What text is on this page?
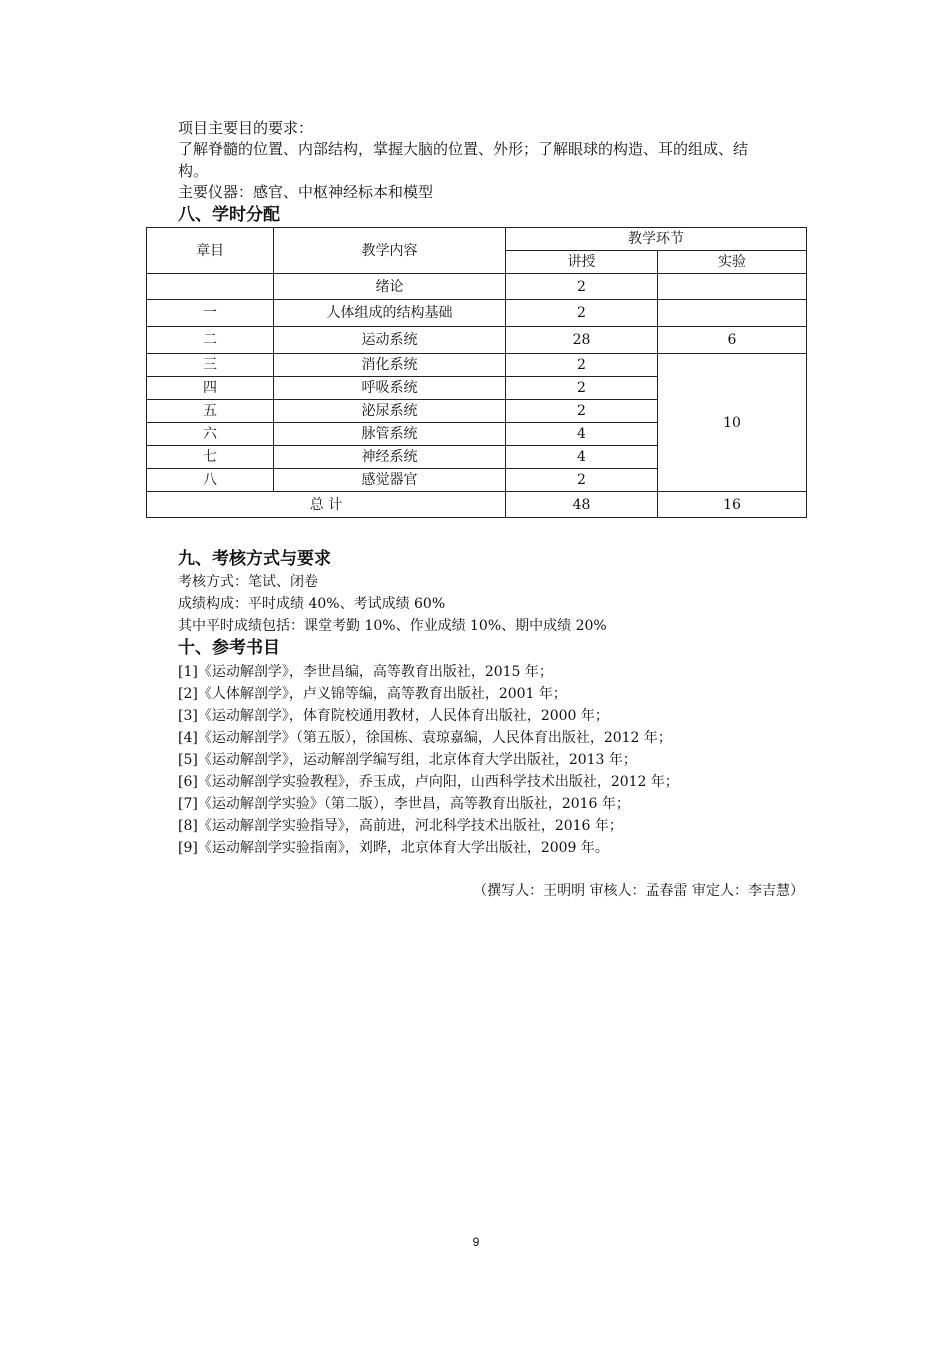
项目主要目的要求：
了解脊髓的位置、内部结构，掌握大脑的位置、外形；了解眼球的构造、耳的组成、结
构。
主要仪器：感官、中枢神经标本和模型
八、学时分配
章目	教学内容	教学环节	
		讲授	实验
	绪论	2	
一	人体组成的结构基础	2	
二	运动系统	28	6
三	消化系统	2	10
四	呼吸系统	2	
五	泌尿系统	2	
六	脉管系统	4	
七	神经系统	4	
八	感觉器官	2	
总 计		48	16
九、考核方式与要求
考核方式：笔试、闭卷
成绩构成：平时成绩 40%、考试成绩 60%
其中平时成绩包括：课堂考勤 10%、作业成绩 10%、期中成绩 20%
十、参考书目
[1]《运动解剖学》，李世昌编，高等教育出版社，2015 年；
[2]《人体解剖学》，卢义锦等编，高等教育出版社，2001 年；
[3]《运动解剖学》，体育院校通用教材，人民体育出版社，2000 年；
[4]《运动解剖学》（第五版），徐国栋、袁琼嘉编，人民体育出版社，2012 年；
[5]《运动解剖学》，运动解剖学编写组，北京体育大学出版社，2013 年；
[6]《运动解剖学实验教程》，乔玉成，卢向阳，山西科学技术出版社，2012 年；
[7]《运动解剖学实验》（第二版），李世昌，高等教育出版社，2016 年；
[8]《运动解剖学实验指导》，高前进，河北科学技术出版社，2016 年；
[9]《运动解剖学实验指南》，刘晔，北京体育大学出版社，2009 年。
（撰写人：王明明 审核人：孟春雷 审定人：李吉慧）
9
